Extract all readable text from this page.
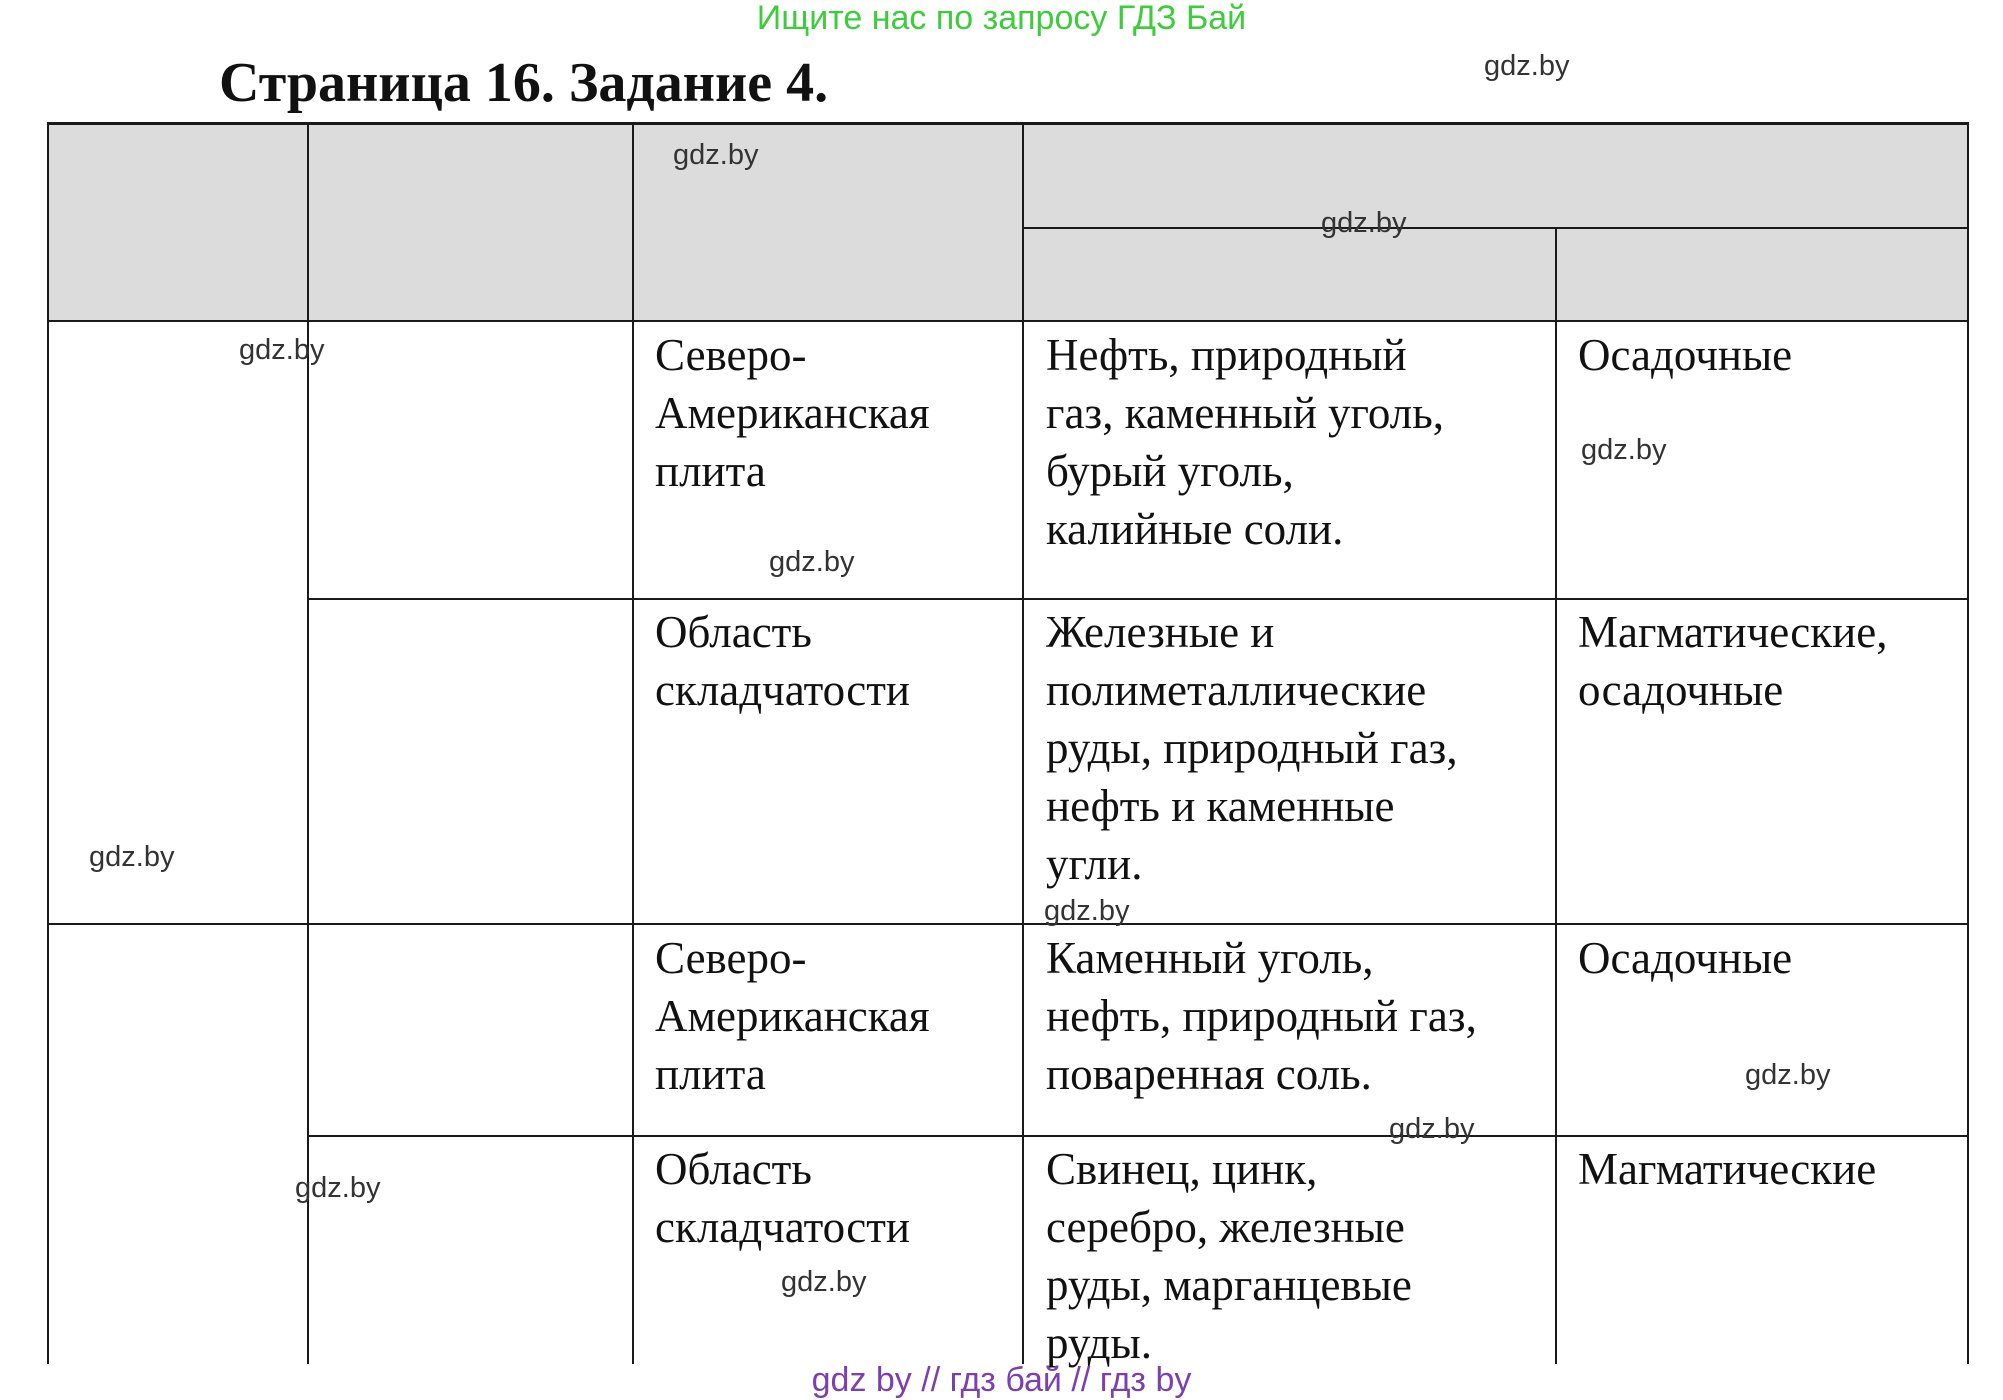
Ищите нас по запросу ГДЗ Бай
Страница 16. Задание 4.
Северо-
Американская
плита
Нефть, природный
газ, каменный уголь,
бурый уголь,
калийные соли.
Осадочные
Область
складчатости
Железные и
полиметаллические
руды, природный газ,
нефть и каменные
угли.
Магматические,
осадочные
Северо-
Американская
плита
Каменный уголь,
нефть, природный газ,
поваренная соль.
Осадочные
Область
складчатости
Свинец, цинк,
серебро, железные
руды, марганцевые
руды.
Магматические
gdz.by
gdz.by
gdz.by
gdz.by
gdz.by
gdz.by
gdz.by
gdz.by
gdz.by
gdz.by
gdz.by
gdz.by
gdz by // гдз бай // гдз by
